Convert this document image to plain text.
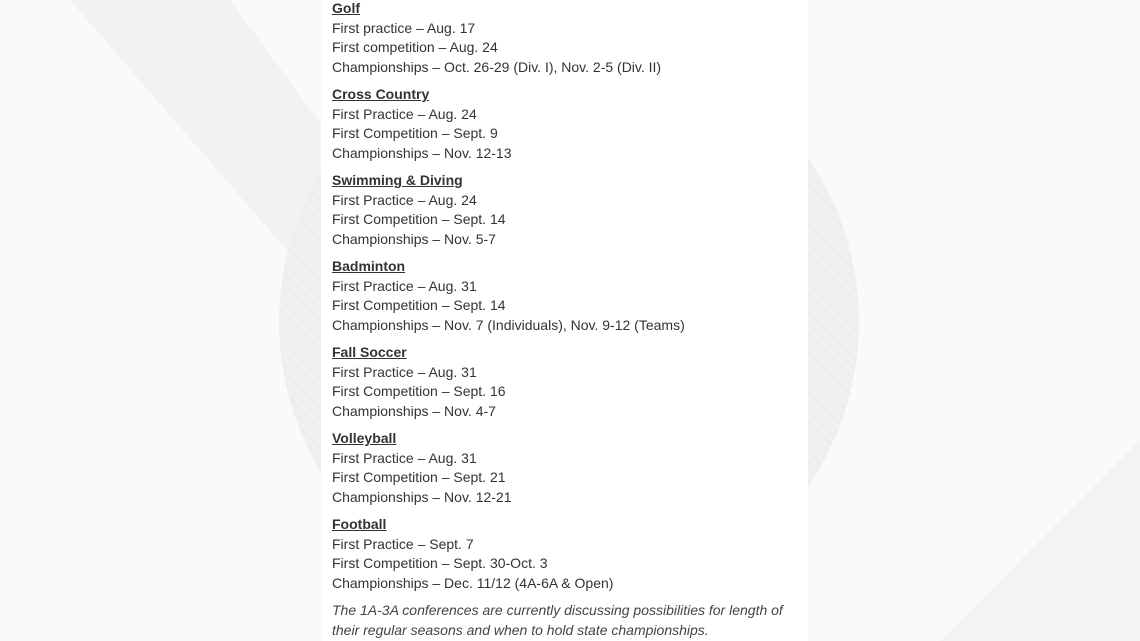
Golf
First practice – Aug. 17
First competition – Aug. 24
Championships – Oct. 26-29 (Div. I), Nov. 2-5 (Div. II)
Cross Country
First Practice – Aug. 24
First Competition – Sept. 9
Championships – Nov. 12-13
Swimming & Diving
First Practice – Aug. 24
First Competition – Sept. 14
Championships – Nov. 5-7
Badminton
First Practice – Aug. 31
First Competition – Sept. 14
Championships – Nov. 7 (Individuals), Nov. 9-12 (Teams)
Fall Soccer
First Practice – Aug. 31
First Competition – Sept. 16
Championships – Nov. 4-7
Volleyball
First Practice – Aug. 31
First Competition – Sept. 21
Championships – Nov. 12-21
Football
First Practice – Sept. 7
First Competition – Sept. 30-Oct. 3
Championships – Dec. 11/12 (4A-6A & Open)
The 1A-3A conferences are currently discussing possibilities for length of their regular seasons and when to hold state championships.
